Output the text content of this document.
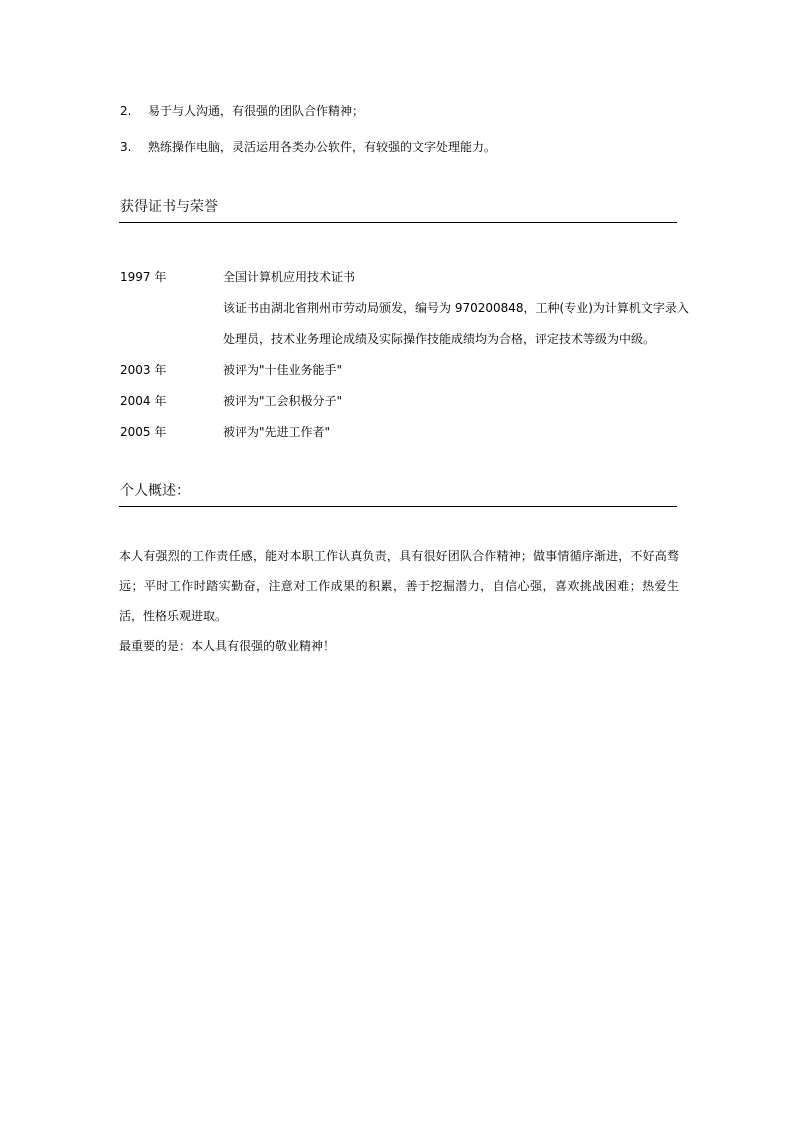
2.	易于与人沟通，有很强的团队合作精神；
3.	熟练操作电脑，灵活运用各类办公软件，有较强的文字处理能力。
获得证书与荣誉
1997 年	全国计算机应用技术证书
该证书由湖北省荆州市劳动局颁发，编号为 970200848，工种(专业)为计算机文字录入
处理员，技术业务理论成绩及实际操作技能成绩均为合格，评定技术等级为中级。
2003 年	被评为"十佳业务能手"
2004 年	被评为"工会积极分子"
2005 年	被评为"先进工作者"
个人概述：

本人有强烈的工作责任感，能对本职工作认真负责，具有很好团队合作精神；做事情循序渐进，不好高骛远；平时工作时踏实勤奋，注意对工作成果的积累，善于挖掘潜力，自信心强，喜欢挑战困难；热爱生活，性格乐观进取。

最重要的是：本人具有很强的敬业精神！
